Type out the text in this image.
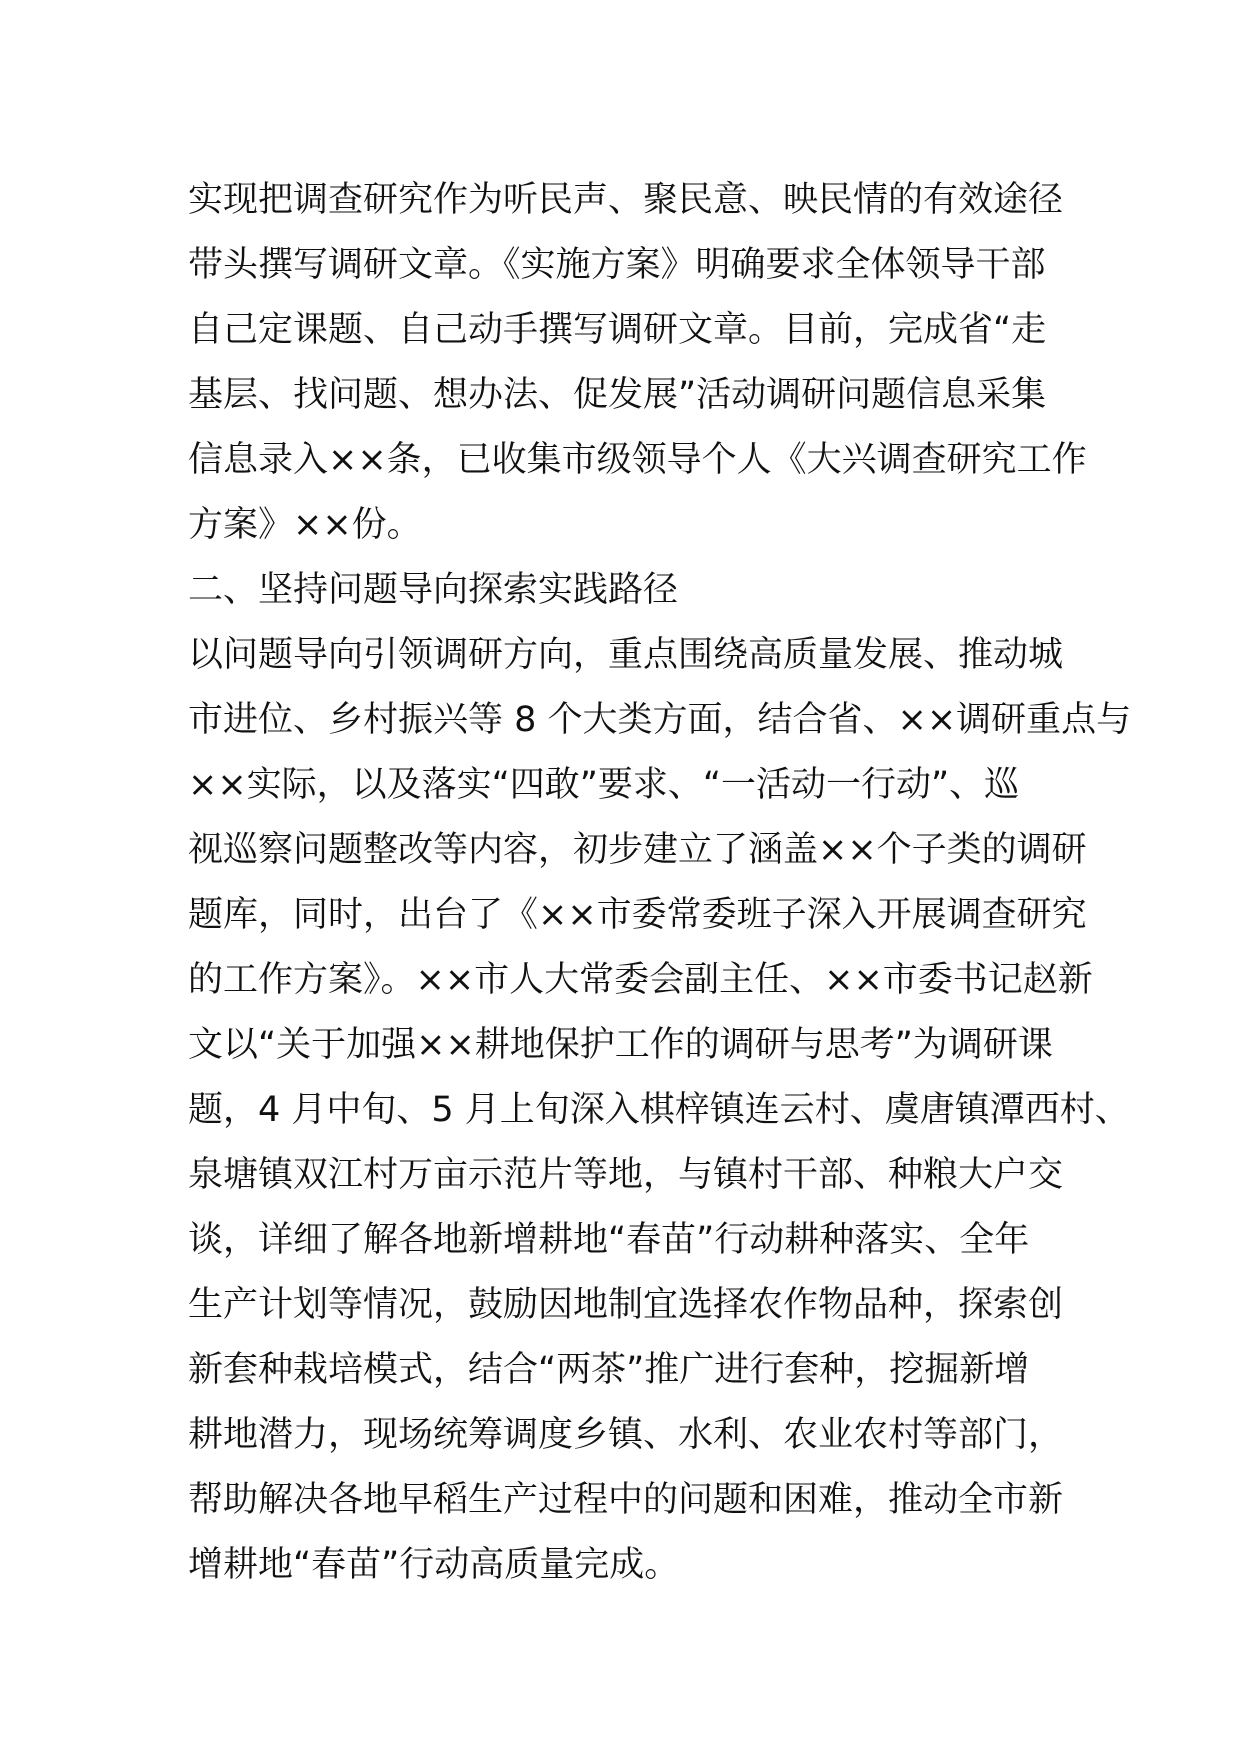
实现把调查研究作为听民声、聚民意、映民情的有效途径
带头撰写调研文章。《实施方案》明确要求全体领导干部
自己定课题、自己动手撰写调研文章。目前，完成省“走
基层、找问题、想办法、促发展”活动调研问题信息采集
信息录入××条，已收集市级领导个人《大兴调查研究工作
方案》××份。
二、坚持问题导向探索实践路径
以问题导向引领调研方向，重点围绕高质量发展、推动城
市进位、乡村振兴等 8 个大类方面，结合省、××调研重点与
××实际，以及落实“四敢”要求、“一活动一行动”、巡
视巡察问题整改等内容，初步建立了涵盖××个子类的调研
题库，同时，出台了《××市委常委班子深入开展调查研究
的工作方案》。××市人大常委会副主任、××市委书记赵新
文以“关于加强××耕地保护工作的调研与思考”为调研课
题，4 月中旬、5 月上旬深入棋梓镇连云村、虞唐镇潭西村、
泉塘镇双江村万亩示范片等地，与镇村干部、种粮大户交
谈，详细了解各地新增耕地“春苗”行动耕种落实、全年
生产计划等情况，鼓励因地制宜选择农作物品种，探索创
新套种栽培模式，结合“两茶”推广进行套种，挖掘新增
耕地潜力，现场统筹调度乡镇、水利、农业农村等部门，
帮助解决各地早稻生产过程中的问题和困难，推动全市新
增耕地“春苗”行动高质量完成。
